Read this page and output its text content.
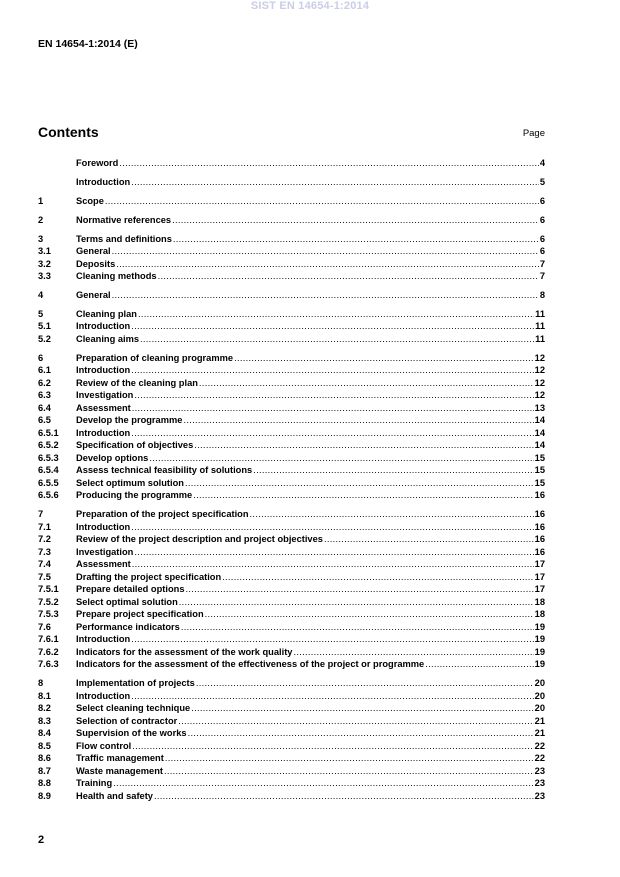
SIST EN 14654-1:2014
EN 14654-1:2014 (E)
Contents	Page
Foreword .....	4
Introduction .....	5
1	Scope .....	6
2	Normative references .....	6
3	Terms and definitions .....	6
3.1	General .....	6
3.2	Deposits .....	7
3.3	Cleaning methods .....	7
4	General .....	8
5	Cleaning plan .....	11
5.1	Introduction .....	11
5.2	Cleaning aims .....	11
6	Preparation of cleaning programme .....	12
6.1	Introduction .....	12
6.2	Review of the cleaning plan .....	12
6.3	Investigation .....	12
6.4	Assessment .....	13
6.5	Develop the programme .....	14
6.5.1	Introduction .....	14
6.5.2	Specification of objectives .....	14
6.5.3	Develop options .....	15
6.5.4	Assess technical feasibility of solutions .....	15
6.5.5	Select optimum solution .....	15
6.5.6	Producing the programme .....	16
7	Preparation of the project specification .....	16
7.1	Introduction .....	16
7.2	Review of the project description and project objectives .....	16
7.3	Investigation .....	16
7.4	Assessment .....	17
7.5	Drafting the project specification .....	17
7.5.1	Prepare detailed options .....	17
7.5.2	Select optimal solution .....	18
7.5.3	Prepare project specification .....	18
7.6	Performance indicators .....	19
7.6.1	Introduction .....	19
7.6.2	Indicators for the assessment of the work quality .....	19
7.6.3	Indicators for the assessment of the effectiveness of the project or programme .....	19
8	Implementation of projects .....	20
8.1	Introduction .....	20
8.2	Select cleaning technique .....	20
8.3	Selection of contractor .....	21
8.4	Supervision of the works .....	21
8.5	Flow control .....	22
8.6	Traffic management .....	22
8.7	Waste management .....	23
8.8	Training .....	23
8.9	Health and safety .....	23
2
